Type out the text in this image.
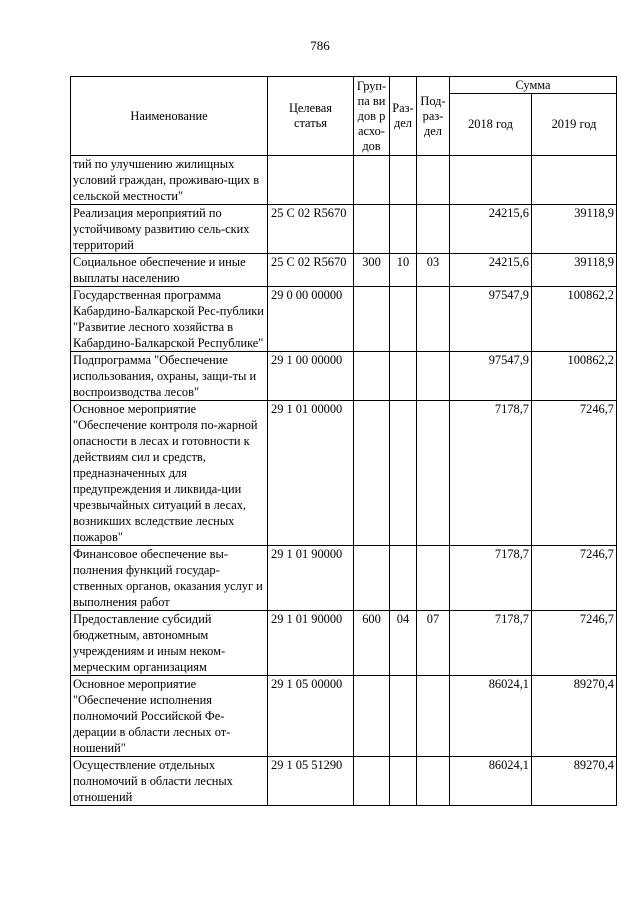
786
Наименование	Целевая статья	Груп-па видов расхо-дов	Раз-дел	Под-раз-дел	Сумма	
					2018 год	2019 год
тий по улучшению жилищных условий граждан, проживаю-щих в сельской местности"						
Реализация мероприятий по устойчивому развитию сель-ских территорий	25 С 02 R5670				24215,6	39118,9
Социальное обеспечение и иные выплаты населению	25 С 02 R5670	300	10	03	24215,6	39118,9
Государственная программа Кабардино-Балкарской Рес-публики "Развитие лесного хозяйства в Кабардино-Балкарской Республике"	29 0 00 00000				97547,9	100862,2
Подпрограмма "Обеспечение использования, охраны, защи-ты и воспроизводства лесов"	29 1 00 00000				97547,9	100862,2
Основное мероприятие "Обеспечение контроля по-жарной опасности в лесах и готовности к действиям сил и средств, предназначенных для предупреждения и ликвида-ции чрезвычайных ситуаций в лесах, возникших вследствие лесных пожаров"	29 1 01 00000				7178,7	7246,7
Финансовое обеспечение вы-полнения функций государ-ственных органов, оказания услуг и выполнения работ	29 1 01 90000				7178,7	7246,7
Предоставление субсидий бюджетным, автономным учреждениям и иным неком-мерческим организациям	29 1 01 90000	600	04	07	7178,7	7246,7
Основное мероприятие "Обеспечение исполнения полномочий Российской Фе-дерации в области лесных от-ношений"	29 1 05 00000				86024,1	89270,4
Осуществление отдельных полномочий в области лесных отношений	29 1 05 51290				86024,1	89270,4
